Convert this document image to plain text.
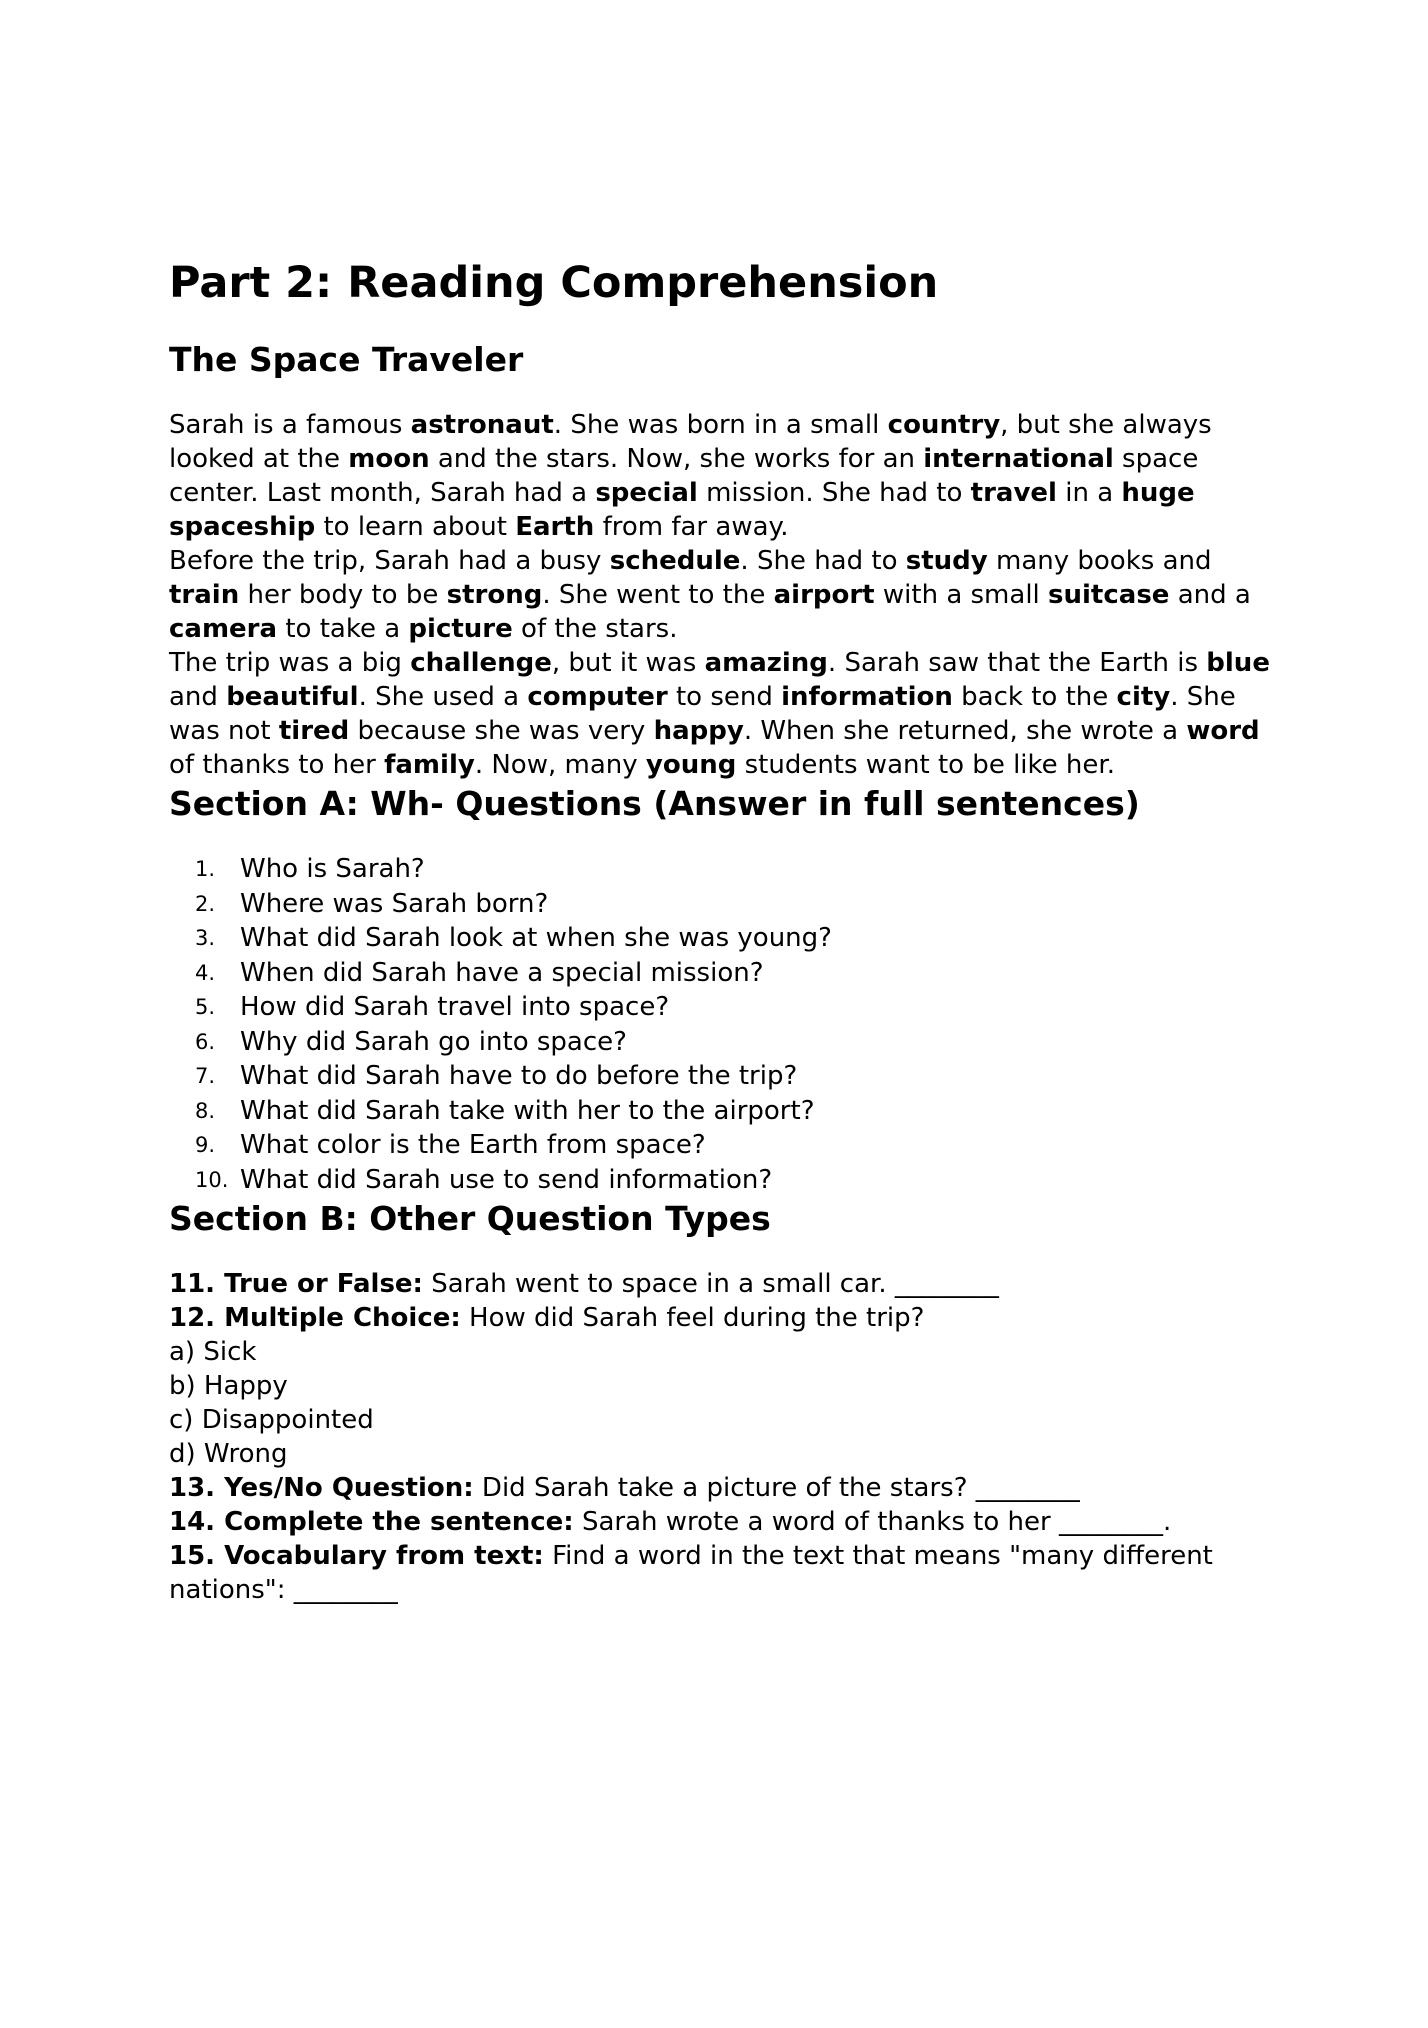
Part 2: Reading Comprehension
The Space Traveler

Sarah is a famous astronaut. She was born in a small country, but she always looked at the moon and the stars. Now, she works for an international space center. Last month, Sarah had a special mission. She had to travel in a huge spaceship to learn about Earth from far away.

Before the trip, Sarah had a busy schedule. She had to study many books and train her body to be strong. She went to the airport with a small suitcase and a camera to take a picture of the stars.

The trip was a big challenge, but it was amazing. Sarah saw that the Earth is blue and beautiful. She used a computer to send information back to the city. She was not tired because she was very happy. When she returned, she wrote a word of thanks to her family. Now, many young students want to be like her.

Section A: Wh- Questions (Answer in full sentences)
1. Who is Sarah?
2. Where was Sarah born?
3. What did Sarah look at when she was young?
4. When did Sarah have a special mission?
5. How did Sarah travel into space?
6. Why did Sarah go into space?
7. What did Sarah have to do before the trip?
8. What did Sarah take with her to the airport?
9. What color is the Earth from space?
10. What did Sarah use to send information?
Section B: Other Question Types

11. True or False: Sarah went to space in a small car. ________

12. Multiple Choice: How did Sarah feel during the trip?

a) Sick

b) Happy

c) Disappointed

d) Wrong

13. Yes/No Question: Did Sarah take a picture of the stars? ________

14. Complete the sentence: Sarah wrote a word of thanks to her ________.

15. Vocabulary from text: Find a word in the text that means "many different nations": ________
